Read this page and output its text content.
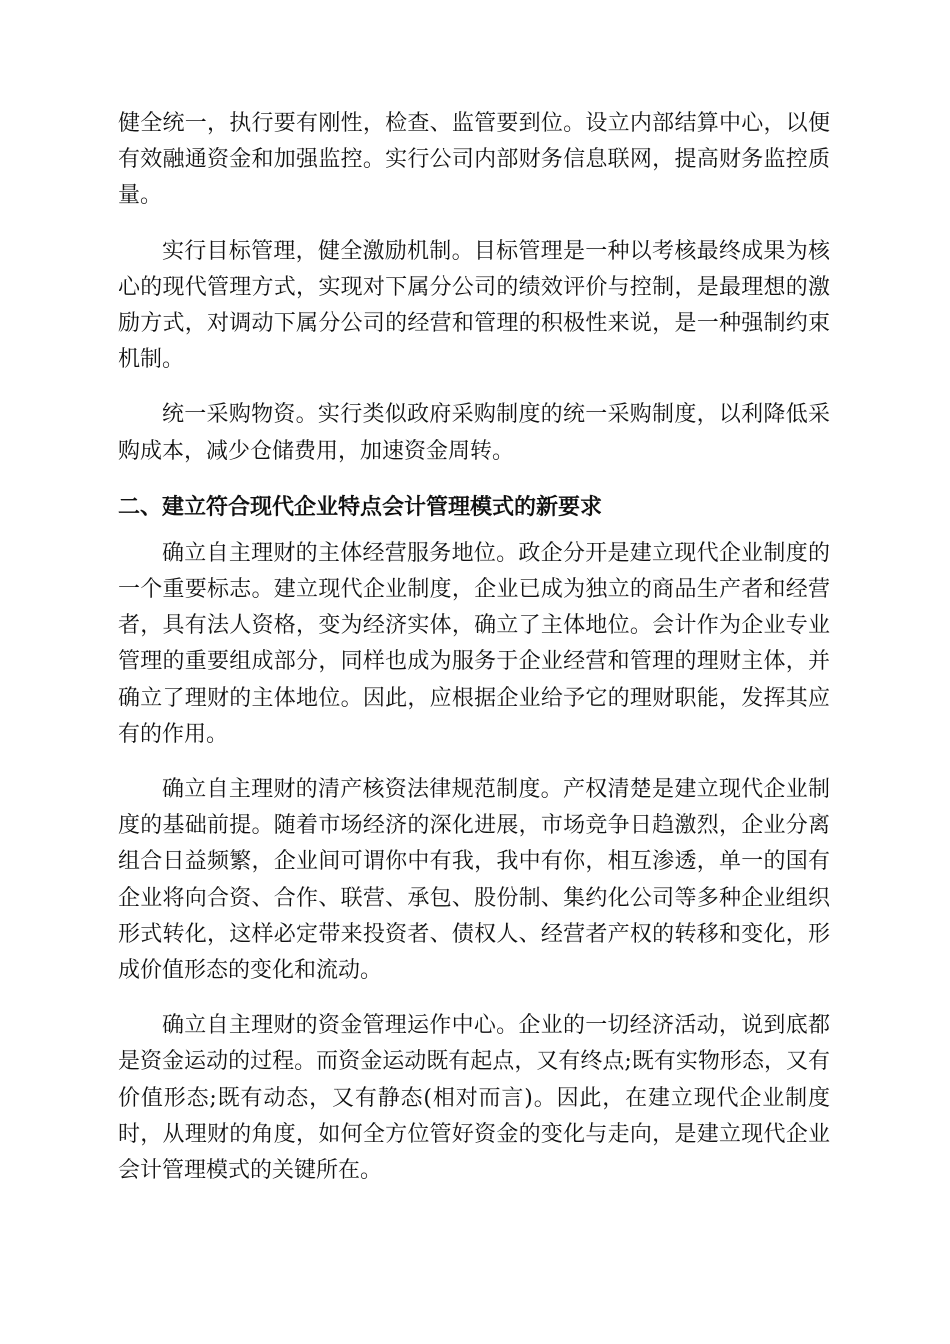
健全统一，执行要有刚性，检查、监管要到位。设立内部结算中心，以便有效融通资金和加强监控。实行公司内部财务信息联网，提高财务监控质量。

实行目标管理，健全激励机制。目标管理是一种以考核最终成果为核心的现代管理方式，实现对下属分公司的绩效评价与控制，是最理想的激励方式，对调动下属分公司的经营和管理的积极性来说，是一种强制约束机制。

统一采购物资。实行类似政府采购制度的统一采购制度，以利降低采购成本，减少仓储费用，加速资金周转。

二、建立符合现代企业特点会计管理模式的新要求

确立自主理财的主体经营服务地位。政企分开是建立现代企业制度的一个重要标志。建立现代企业制度，企业已成为独立的商品生产者和经营者，具有法人资格，变为经济实体，确立了主体地位。会计作为企业专业管理的重要组成部分，同样也成为服务于企业经营和管理的理财主体，并确立了理财的主体地位。因此，应根据企业给予它的理财职能，发挥其应有的作用。

确立自主理财的清产核资法律规范制度。产权清楚是建立现代企业制度的基础前提。随着市场经济的深化进展，市场竞争日趋激烈，企业分离组合日益频繁，企业间可谓你中有我，我中有你，相互渗透，单一的国有企业将向合资、合作、联营、承包、股份制、集约化公司等多种企业组织形式转化，这样必定带来投资者、债权人、经营者产权的转移和变化，形成价值形态的变化和流动。

确立自主理财的资金管理运作中心。企业的一切经济活动，说到底都是资金运动的过程。而资金运动既有起点，又有终点;既有实物形态，又有价值形态;既有动态，又有静态(相对而言)。因此，在建立现代企业制度时，从理财的角度，如何全方位管好资金的变化与走向，是建立现代企业会计管理模式的关键所在。
